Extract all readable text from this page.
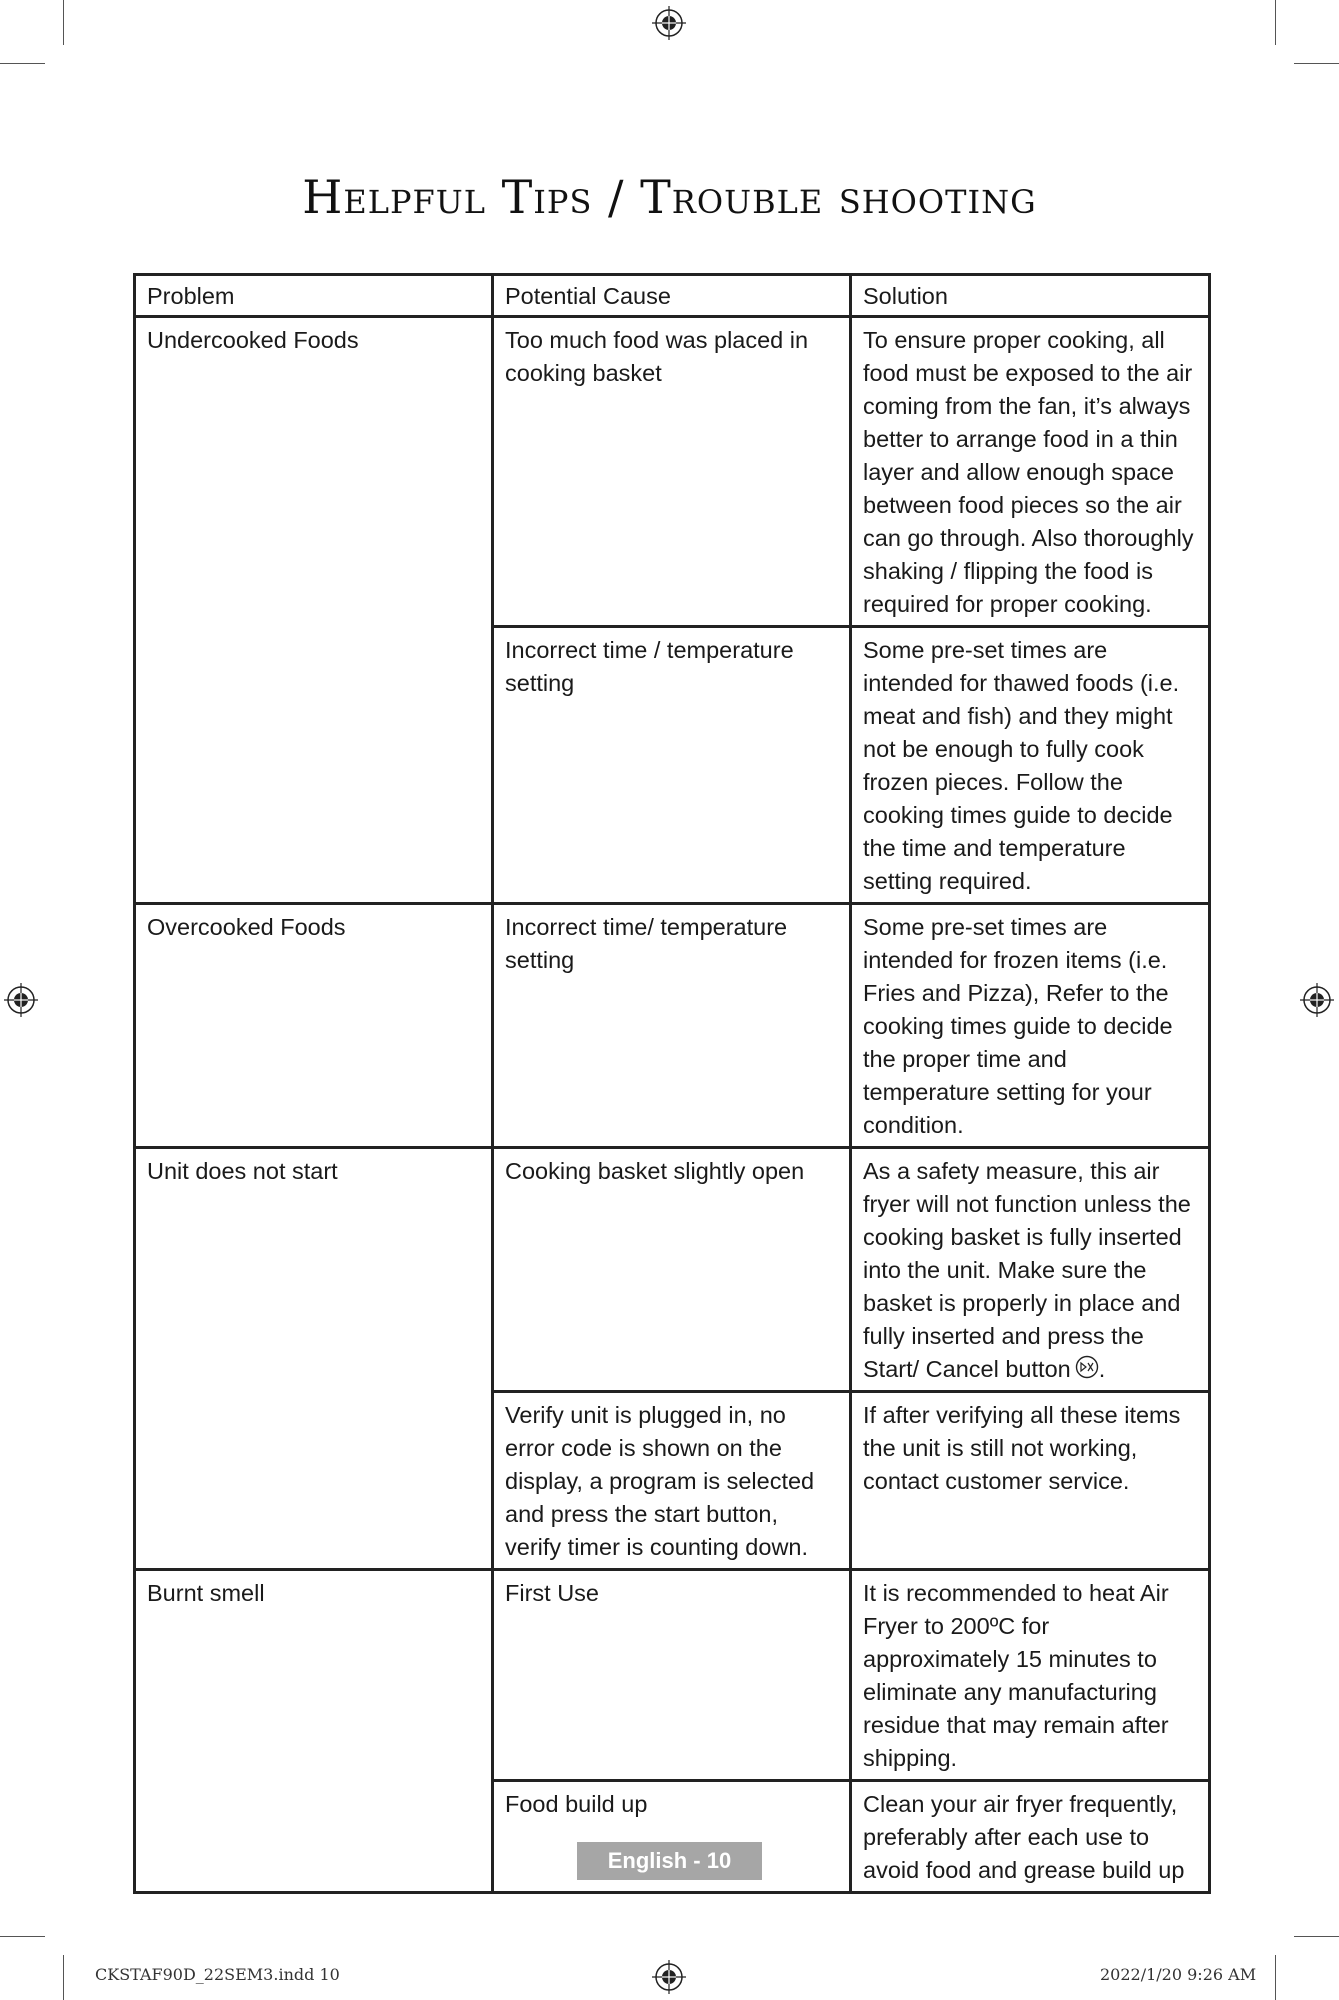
Helpful Tips / Trouble shooting
Problem	Potential Cause	Solution
Undercooked Foods	Too much food was placed in cooking basket	To ensure proper cooking, all food must be exposed to the air coming from the fan, it’s always better to arrange food in a thin layer and allow enough space between food pieces so the air can go through. Also thoroughly shaking / flipping the food is required for proper cooking.
	Incorrect time / temperature setting	Some pre-set times are intended for thawed foods (i.e. meat and fish) and they might not be enough to fully cook frozen pieces. Follow the cooking times guide to decide the time and temperature setting required.
Overcooked Foods	Incorrect time/ temperature setting	Some pre-set times are intended for frozen items (i.e. Fries and Pizza), Refer to the cooking times guide to decide the proper time and temperature setting for your condition.
Unit does not start	Cooking basket slightly open	As a safety measure, this air fryer will not function unless the cooking basket is fully inserted into the unit. Make sure the basket is properly in place and fully inserted and press the Start/ Cancel button .
	Verify unit is plugged in, no error code is shown on the display, a program is selected and press the start button, verify timer is counting down.	If after verifying all these items the unit is still not working, contact customer service.
Burnt smell	First Use	It is recommended to heat Air Fryer to 200ºC for approximately 15 minutes to eliminate any manufacturing residue that may remain after shipping.
	Food build up	Clean your air fryer frequently, preferably after each use to avoid food and grease build up
English - 10
CKSTAF90D_22SEM3.indd 10	2022/1/20 9:26 AM
